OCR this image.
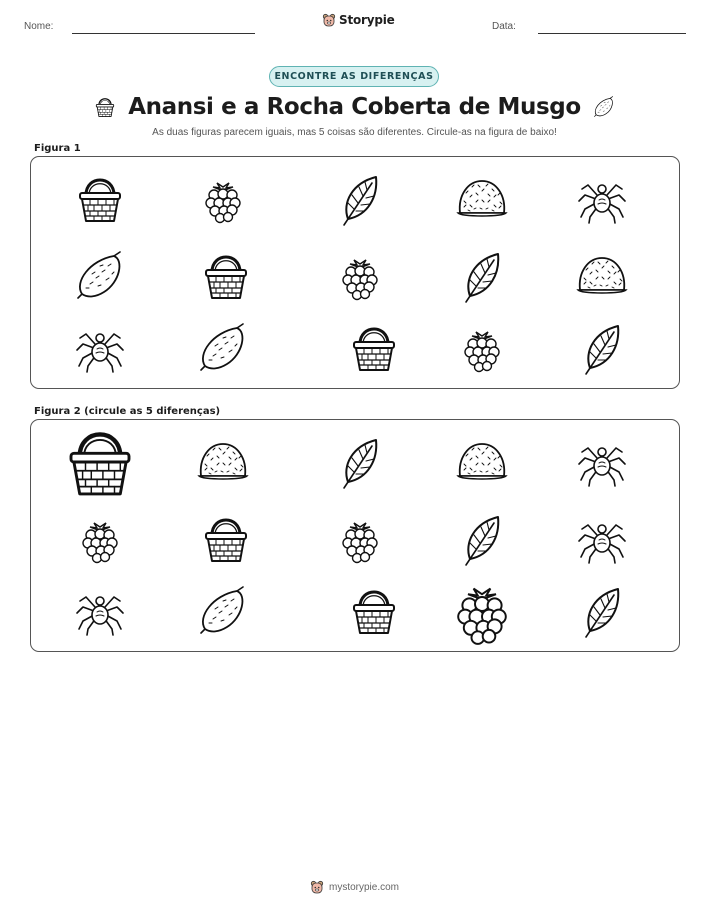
Nome:	Storypie	Data:
ENCONTRE AS DIFERENÇAS
Anansi e a Rocha Coberta de Musgo
As duas figuras parecem iguais, mas 5 coisas são diferentes. Circule-as na figura de baixo!
Figura 1
Figura 2 (circule as 5 diferenças)
mystorypie.com
